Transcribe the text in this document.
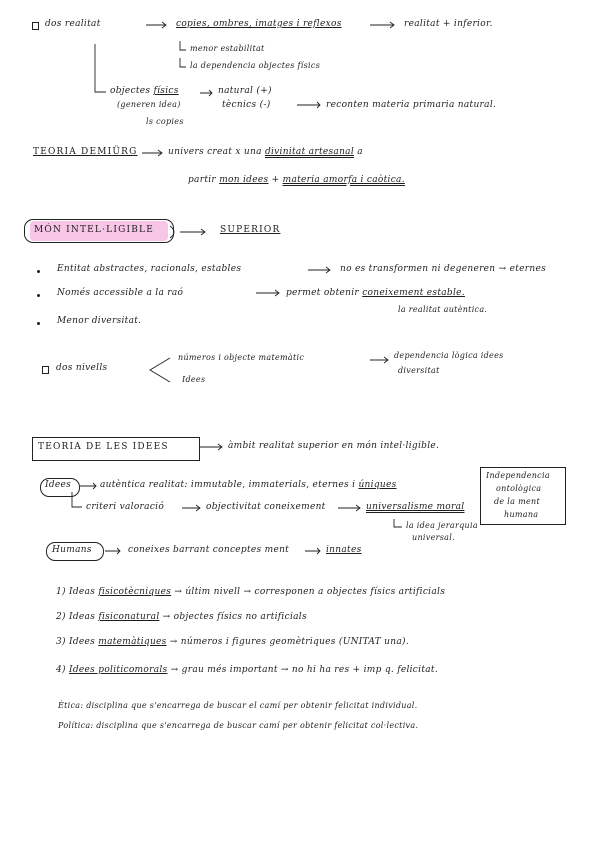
dos realitat	copies, ombres, imatges i reflexos	realitat + inferior.
menor estabilitat
la dependencia objectes físics
objectes físics
(generen idea)
ls copies
natural (+)
tècnics (-)	reconten materia primaria natural.
TEORIA DEMIÜRG	univers creat x una divinitat artesanal a
partir mon idees + materia amorfa i caòtica.
MÓN INTEL·LIGIBLE	SUPERIOR
Entitat abstractes, racionals, estables	no es transformen ni degeneren → eternes
Només accessible a la raó	permet obtenir coneixement estable.
la realitat autèntica.
Menor diversitat.
dos nivells
números i objecte matemàtic
Idees
dependencia lògica idees
diversitat
TEORIA DE LES IDEES	àmbit realitat superior en món intel·ligible.
Idees	autèntica realitat: immutable, immaterials, eternes i úniques
Independencia
ontològica
de la ment
humana
criteri valoració	objectivitat coneixement	universalisme moral
la idea jerarquia
universal.
Humans	coneixes barrant conceptes ment	innates
1) Ideas fisicotècniques → últim nivell → corresponen a objectes físics artificials
2) Ideas fisiconatural → objectes físics no artificials
3) Idees matemàtiques → números i figures geomètriques (UNITAT una).
4) Idees politicomorals → grau més important → no hi ha res + imp q. felicitat.
Ètica: disciplina que s'encarrega de buscar el camí per obtenir felicitat individual.
Política: disciplina que s'encarrega de buscar camí per obtenir felicitat col·lectiva.
